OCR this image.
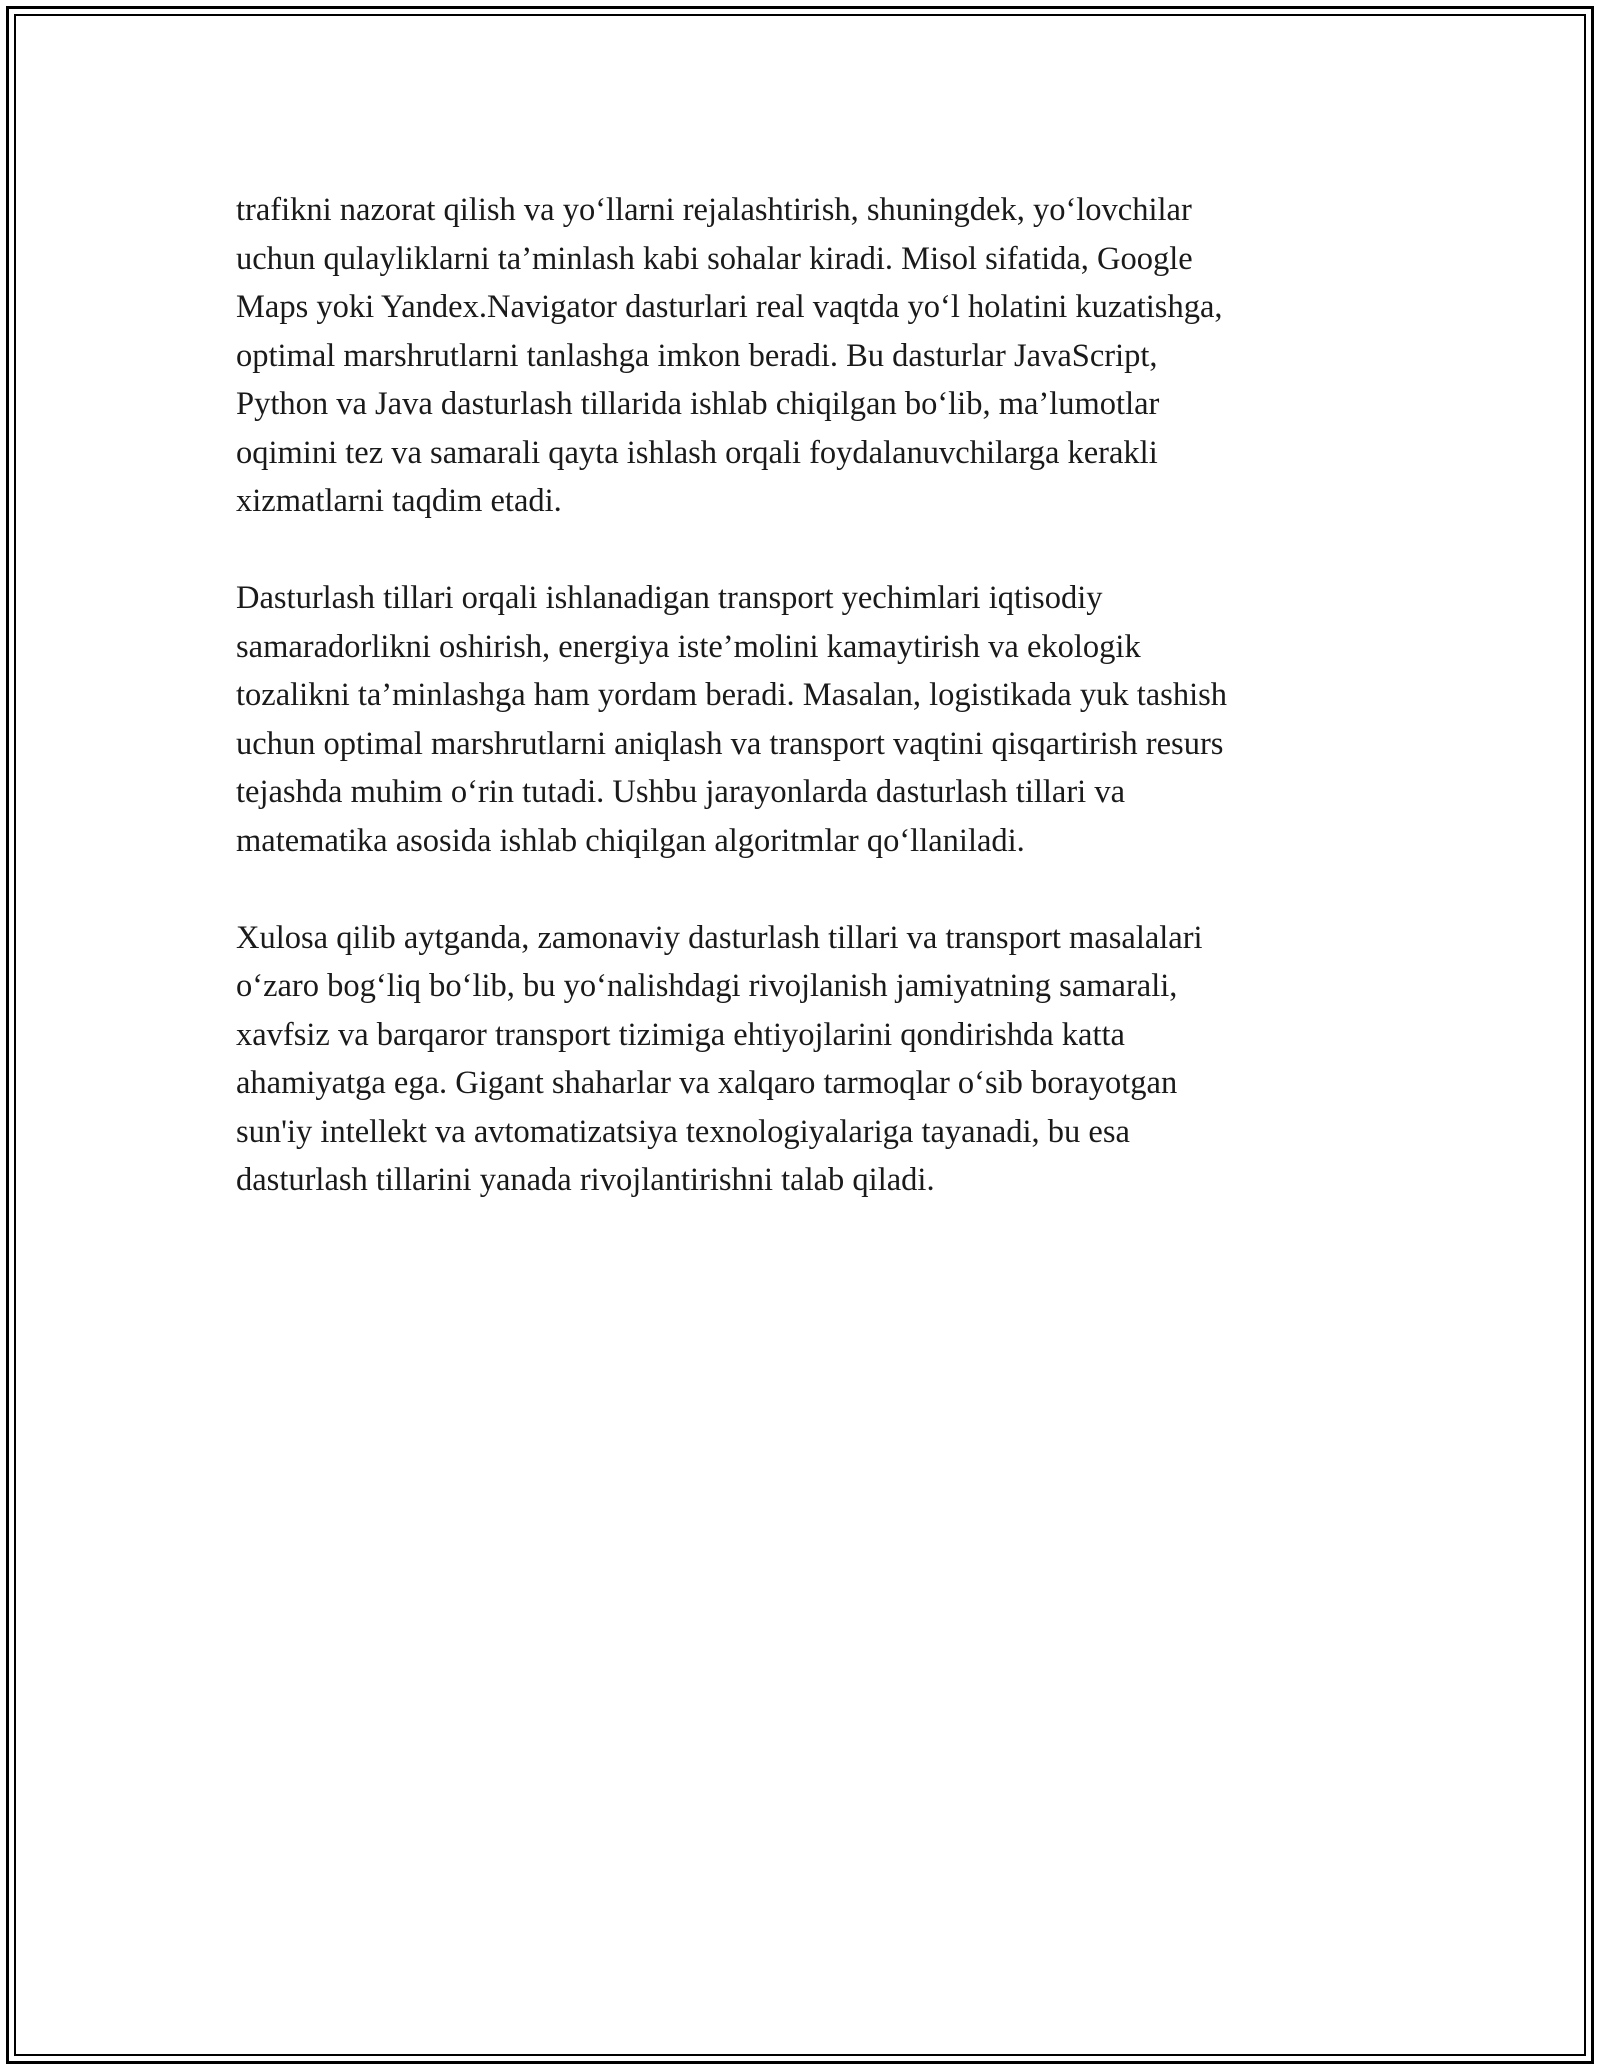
trafikni nazorat qilish va yo‘llarni rejalashtirish, shuningdek, yo‘lovchilar
uchun qulayliklarni ta’minlash kabi sohalar kiradi. Misol sifatida, Google
Maps yoki Yandex.Navigator dasturlari real vaqtda yo‘l holatini kuzatishga,
optimal marshrutlarni tanlashga imkon beradi. Bu dasturlar JavaScript,
Python va Java dasturlash tillarida ishlab chiqilgan bo‘lib, ma’lumotlar
oqimini tez va samarali qayta ishlash orqali foydalanuvchilarga kerakli
xizmatlarni taqdim etadi.

Dasturlash tillari orqali ishlanadigan transport yechimlari iqtisodiy
samaradorlikni oshirish, energiya iste’molini kamaytirish va ekologik
tozalikni ta’minlashga ham yordam beradi. Masalan, logistikada yuk tashish
uchun optimal marshrutlarni aniqlash va transport vaqtini qisqartirish resurs
tejashda muhim o‘rin tutadi. Ushbu jarayonlarda dasturlash tillari va
matematika asosida ishlab chiqilgan algoritmlar qo‘llaniladi.

Xulosa qilib aytganda, zamonaviy dasturlash tillari va transport masalalari
o‘zaro bog‘liq bo‘lib, bu yo‘nalishdagi rivojlanish jamiyatning samarali,
xavfsiz va barqaror transport tizimiga ehtiyojlarini qondirishda katta
ahamiyatga ega. Gigant shaharlar va xalqaro tarmoqlar o‘sib borayotgan
sun'iy intellekt va avtomatizatsiya texnologiyalariga tayanadi, bu esa
dasturlash tillarini yanada rivojlantirishni talab qiladi.
